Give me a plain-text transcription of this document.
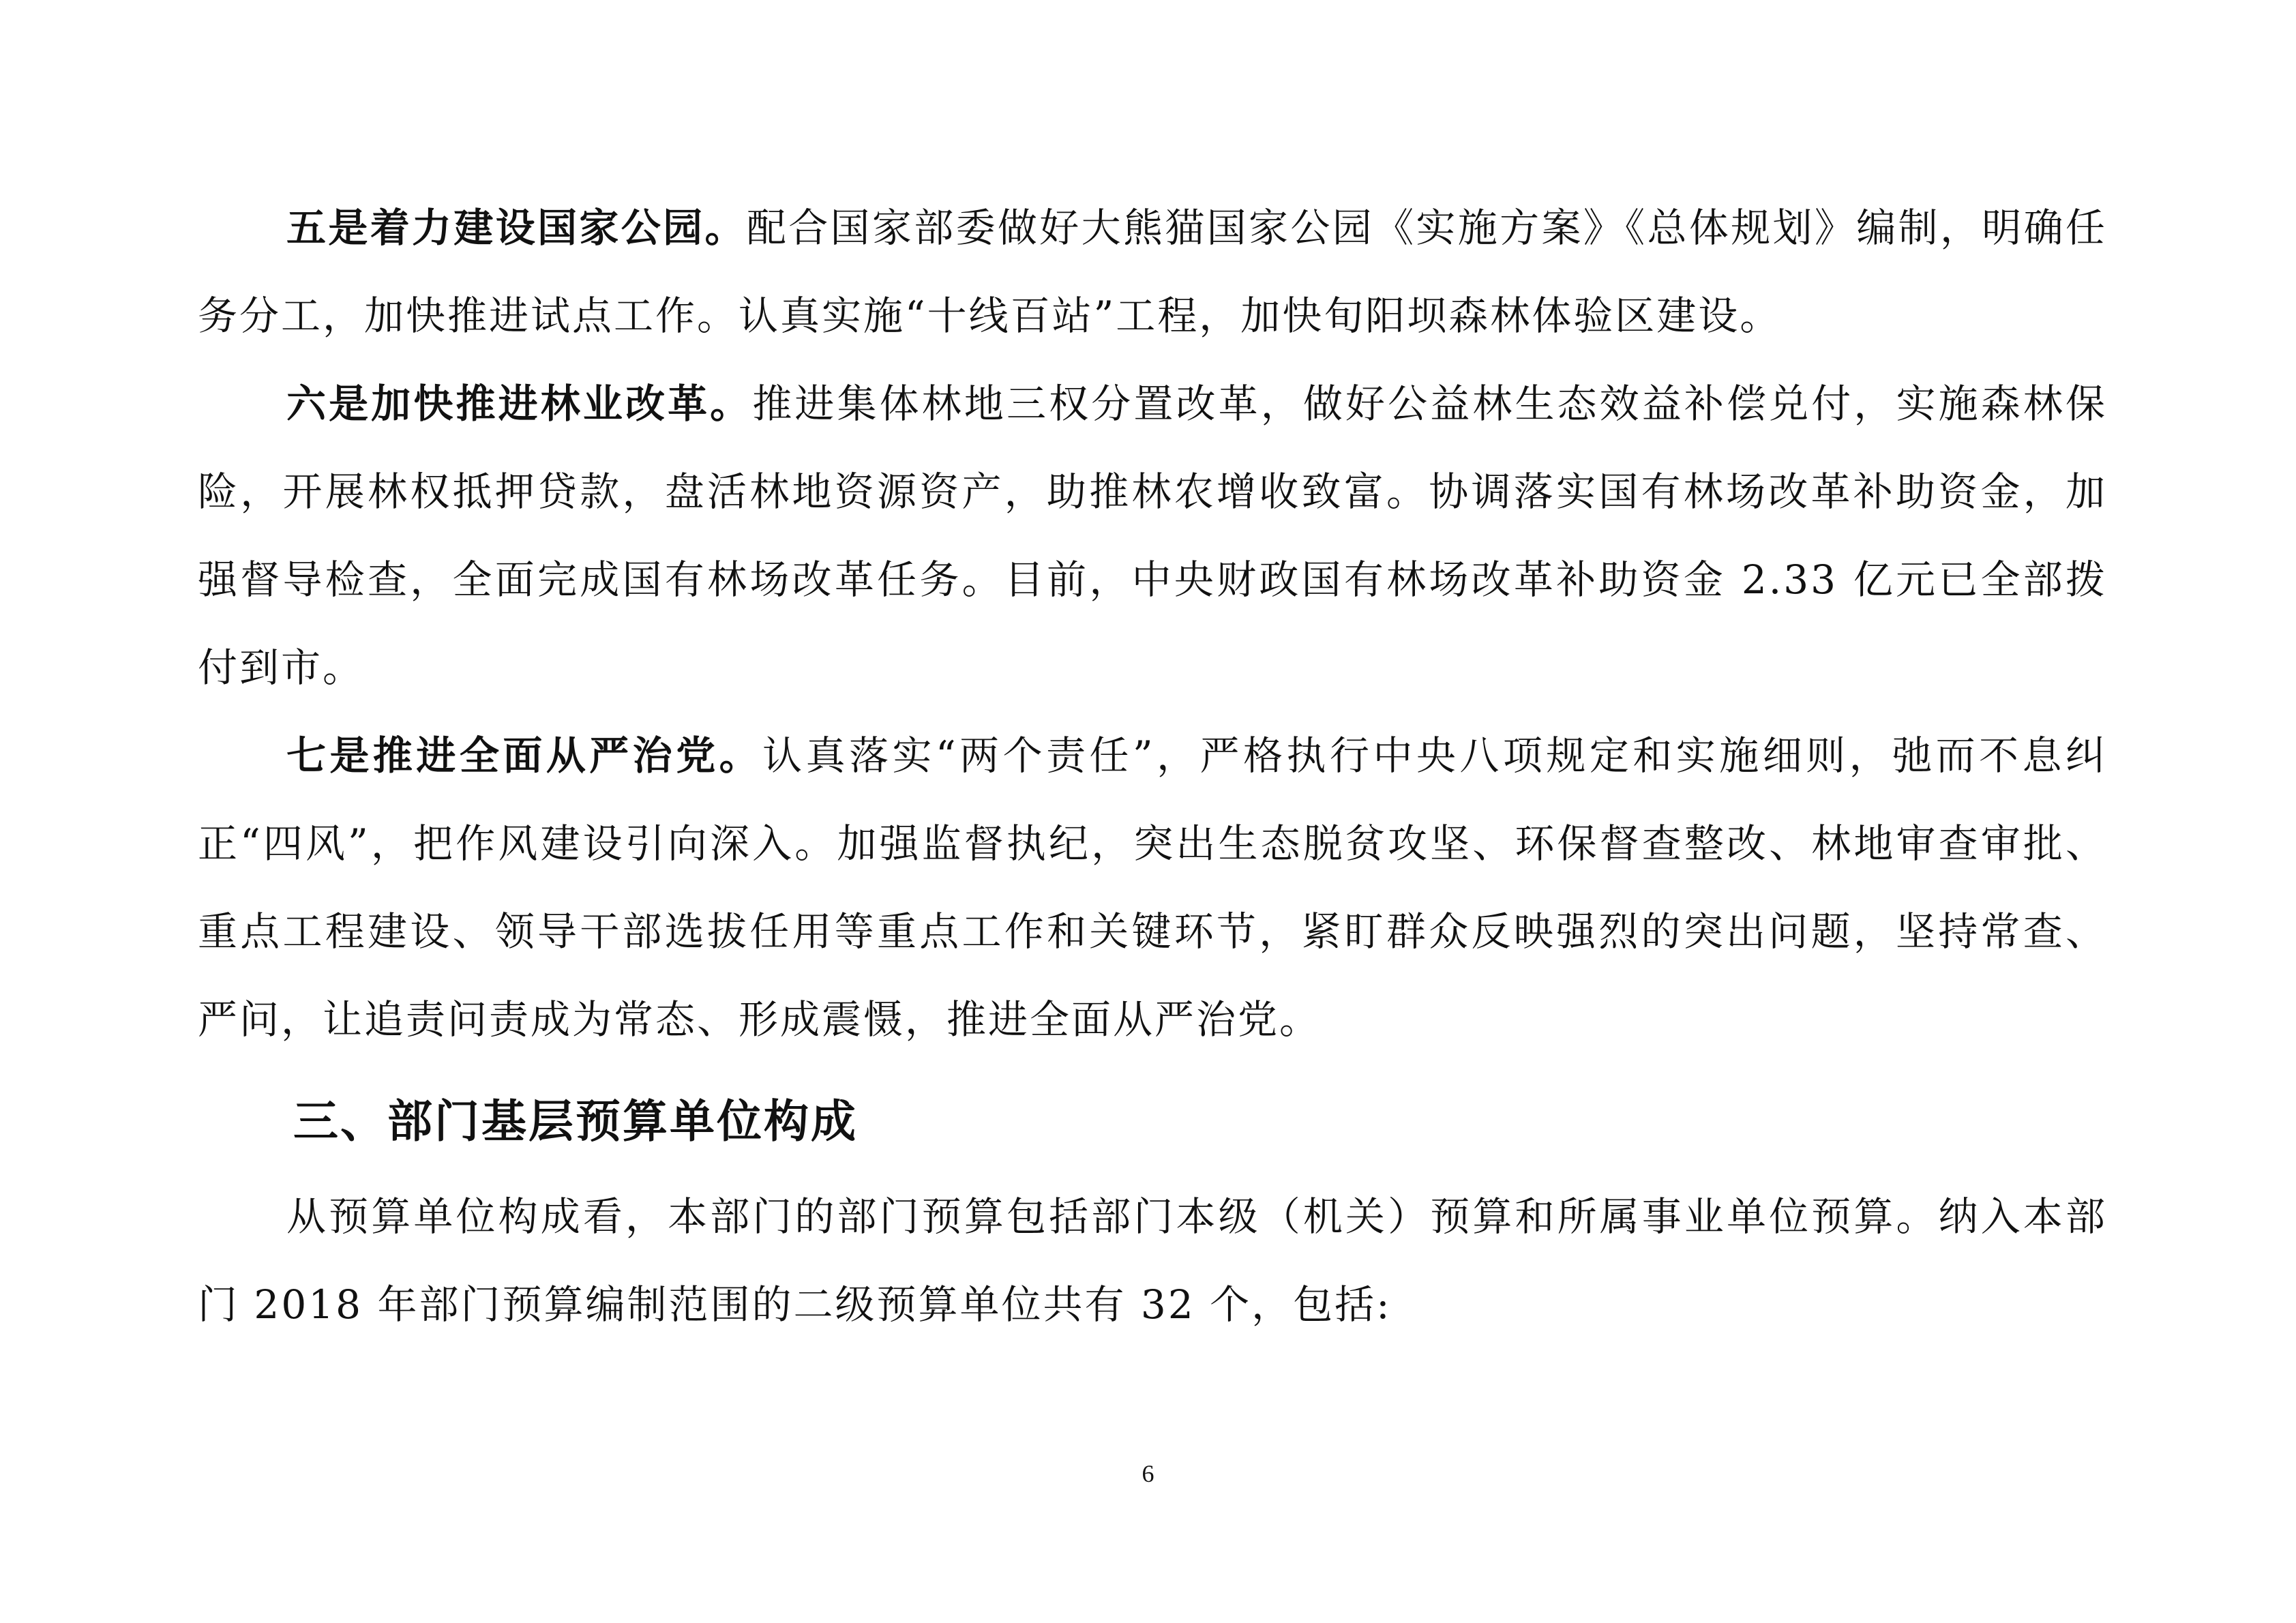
五是着力建设国家公园。配合国家部委做好大熊猫国家公园《实施方案》《总体规划》编制，明确任务分工，加快推进试点工作。认真实施“十线百站”工程，加快旬阳坝森林体验区建设。

六是加快推进林业改革。推进集体林地三权分置改革，做好公益林生态效益补偿兑付，实施森林保险，开展林权抵押贷款，盘活林地资源资产，助推林农增收致富。协调落实国有林场改革补助资金，加强督导检查，全面完成国有林场改革任务。目前，中央财政国有林场改革补助资金 2.33 亿元已全部拨付到市。

七是推进全面从严治党。认真落实“两个责任”，严格执行中央八项规定和实施细则，弛而不息纠正“四风”，把作风建设引向深入。加强监督执纪，突出生态脱贫攻坚、环保督查整改、林地审查审批、重点工程建设、领导干部选拔任用等重点工作和关键环节，紧盯群众反映强烈的突出问题，坚持常查、严问，让追责问责成为常态、形成震慑，推进全面从严治党。

三、部门基层预算单位构成

从预算单位构成看，本部门的部门预算包括部门本级（机关）预算和所属事业单位预算。纳入本部门 2018 年部门预算编制范围的二级预算单位共有 32 个，包括:

6
